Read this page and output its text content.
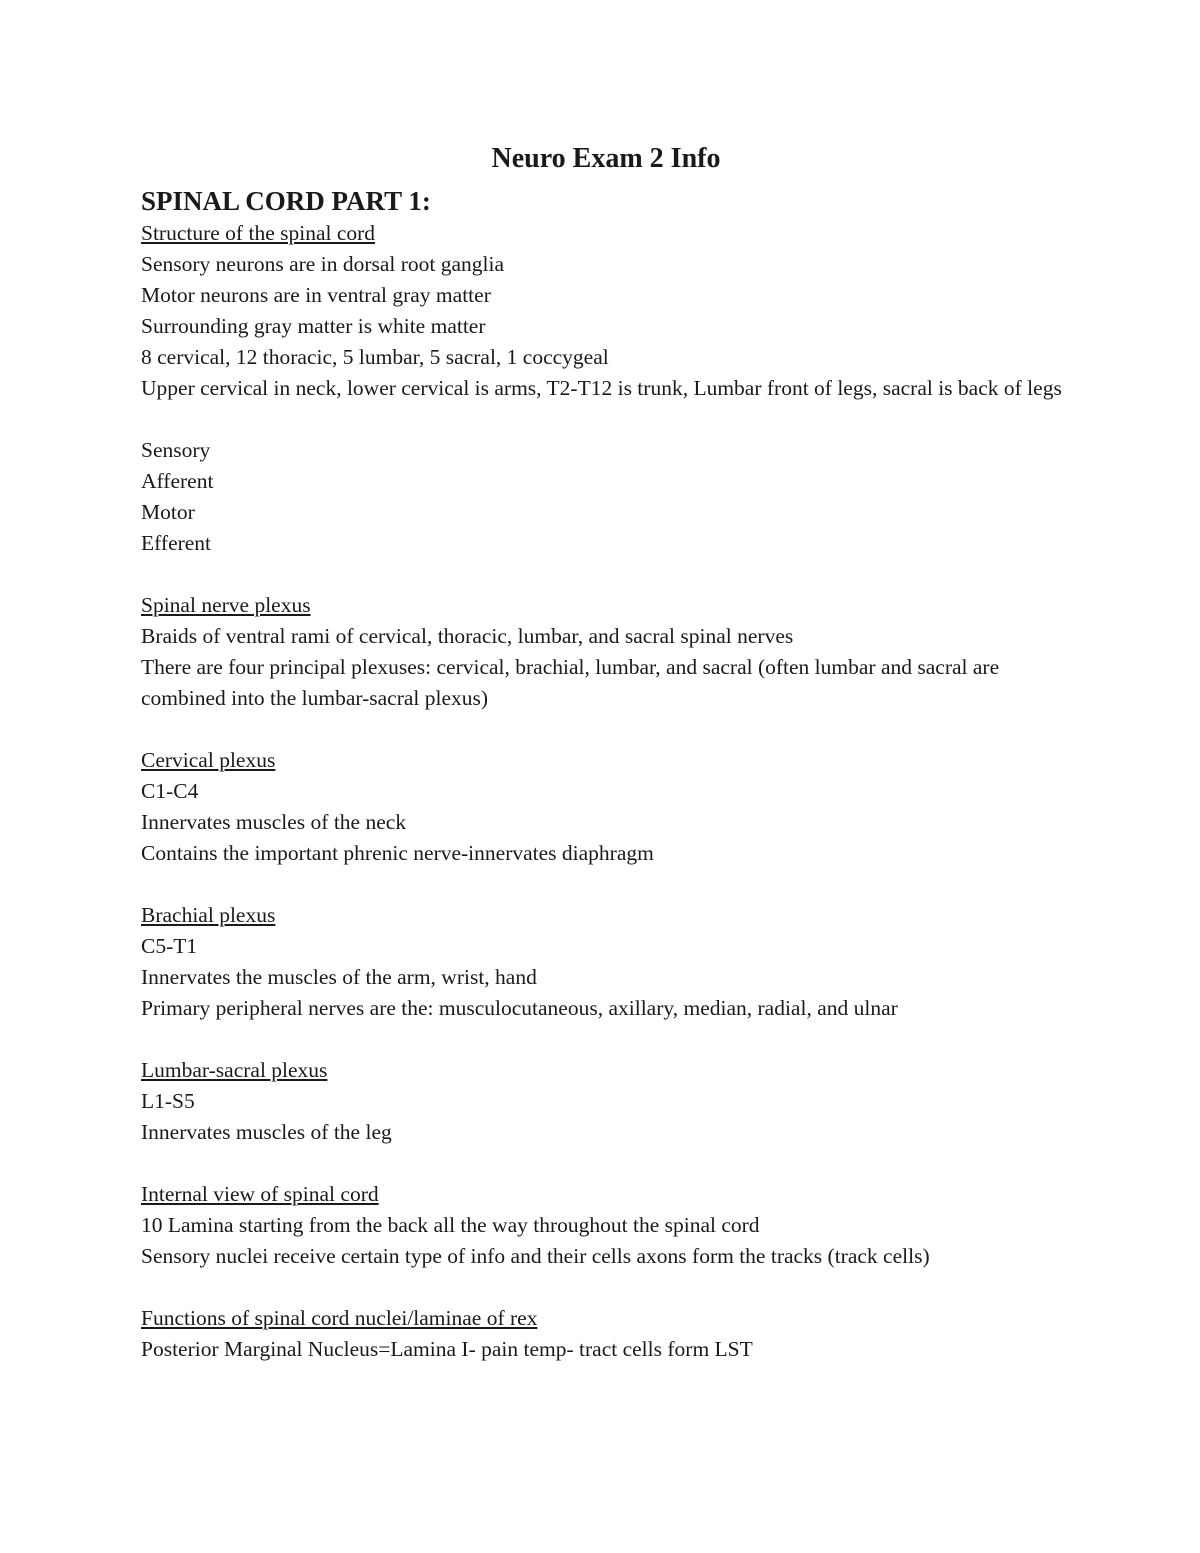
Neuro Exam 2 Info
SPINAL CORD PART 1:
Structure of the spinal cord
Sensory neurons are in dorsal root ganglia
Motor neurons are in ventral gray matter
Surrounding gray matter is white matter
8 cervical, 12 thoracic, 5 lumbar, 5 sacral, 1 coccygeal
Upper cervical in neck, lower cervical is arms, T2-T12 is trunk, Lumbar front of legs, sacral is back of legs
Sensory
Afferent
Motor
Efferent
Spinal nerve plexus
Braids of ventral rami of cervical, thoracic, lumbar, and sacral spinal nerves
There are four principal plexuses: cervical, brachial, lumbar, and sacral (often lumbar and sacral are combined into the lumbar-sacral plexus)
Cervical plexus
C1-C4
Innervates muscles of the neck
Contains the important phrenic nerve-innervates diaphragm
Brachial plexus
C5-T1
Innervates the muscles of the arm, wrist, hand
Primary peripheral nerves are the: musculocutaneous, axillary, median, radial, and ulnar
Lumbar-sacral plexus
L1-S5
Innervates muscles of the leg
Internal view of spinal cord
10 Lamina starting from the back all the way throughout the spinal cord
Sensory nuclei receive certain type of info and their cells axons form the tracks (track cells)
Functions of spinal cord nuclei/laminae of rex
Posterior Marginal Nucleus=Lamina I- pain temp- tract cells form LST
